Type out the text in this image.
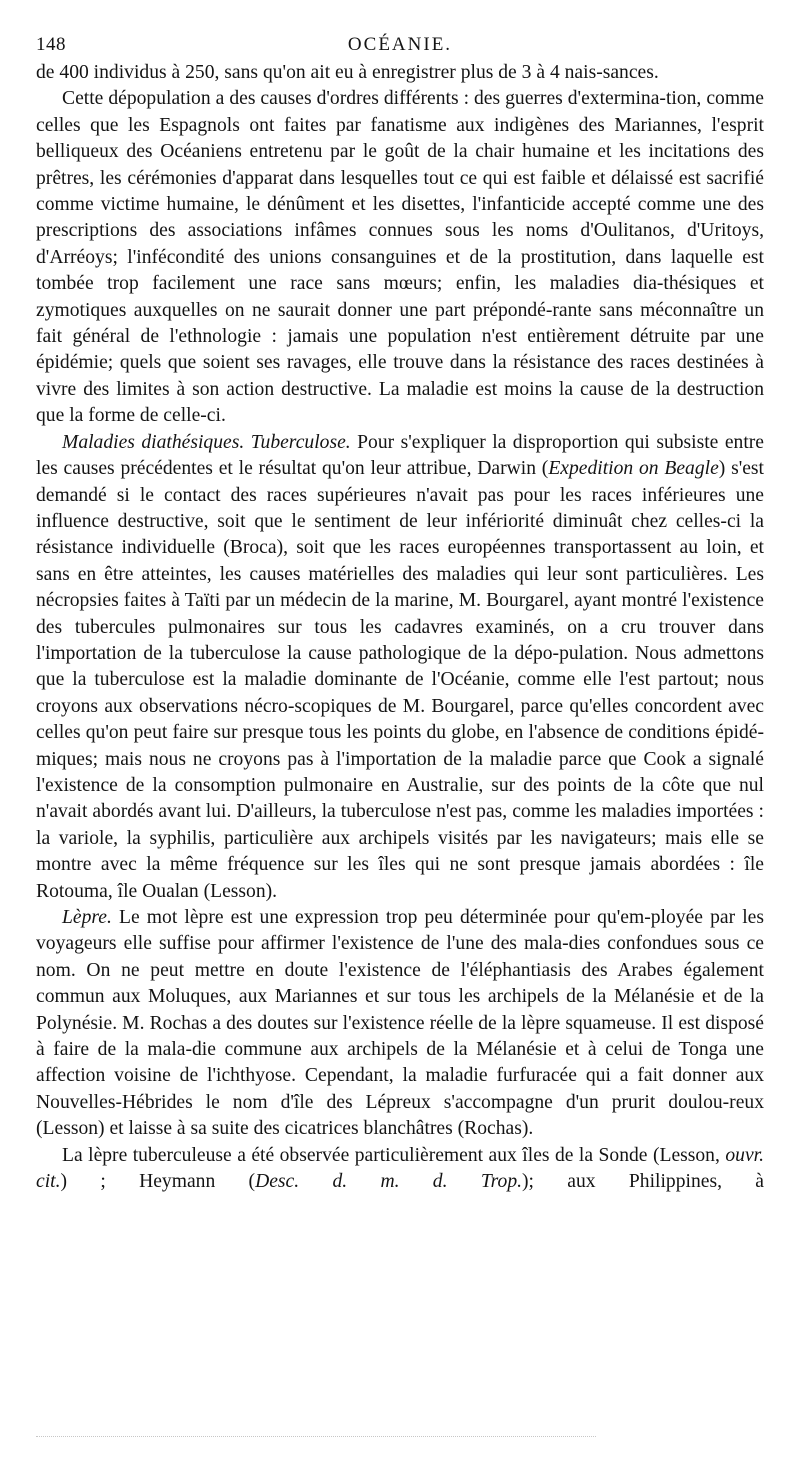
148	OCÉANIE.

de 400 individus à 250, sans qu'on ait eu à enregistrer plus de 3 à 4 nais-sances.

Cette dépopulation a des causes d'ordres différents : des guerres d'extermina-tion, comme celles que les Espagnols ont faites par fanatisme aux indigènes des Mariannes, l'esprit belliqueux des Océaniens entretenu par le goût de la chair humaine et les incitations des prêtres, les cérémonies d'apparat dans lesquelles tout ce qui est faible et délaissé est sacrifié comme victime humaine, le dénûment et les disettes, l'infanticide accepté comme une des prescriptions des associations infâmes connues sous les noms d'Oulitanos, d'Uritoys, d'Arréoys; l'infécondité des unions consanguines et de la prostitution, dans laquelle est tombée trop facilement une race sans mœurs; enfin, les maladies dia-thésiques et zymotiques auxquelles on ne saurait donner une part prépondé-rante sans méconnaître un fait général de l'ethnologie : jamais une population n'est entièrement détruite par une épidémie; quels que soient ses ravages, elle trouve dans la résistance des races destinées à vivre des limites à son action destructive. La maladie est moins la cause de la destruction que la forme de celle-ci.

Maladies diathésiques. Tuberculose. Pour s'expliquer la disproportion qui subsiste entre les causes précédentes et le résultat qu'on leur attribue, Darwin (Expedition on Beagle) s'est demandé si le contact des races supérieures n'avait pas pour les races inférieures une influence destructive, soit que le sentiment de leur infériorité diminuât chez celles-ci la résistance individuelle (Broca), soit que les races européennes transportassent au loin, et sans en être atteintes, les causes matérielles des maladies qui leur sont particulières. Les nécropsies faites à Taïti par un médecin de la marine, M. Bourgarel, ayant montré l'existence des tubercules pulmonaires sur tous les cadavres examinés, on a cru trouver dans l'importation de la tuberculose la cause pathologique de la dépo-pulation. Nous admettons que la tuberculose est la maladie dominante de l'Océanie, comme elle l'est partout; nous croyons aux observations nécro-scopiques de M. Bourgarel, parce qu'elles concordent avec celles qu'on peut faire sur presque tous les points du globe, en l'absence de conditions épidé-miques; mais nous ne croyons pas à l'importation de la maladie parce que Cook a signalé l'existence de la consomption pulmonaire en Australie, sur des points de la côte que nul n'avait abordés avant lui. D'ailleurs, la tuberculose n'est pas, comme les maladies importées : la variole, la syphilis, particulière aux archipels visités par les navigateurs; mais elle se montre avec la même fréquence sur les îles qui ne sont presque jamais abordées : île Rotouma, île Oualan (Lesson).

Lèpre. Le mot lèpre est une expression trop peu déterminée pour qu'em-ployée par les voyageurs elle suffise pour affirmer l'existence de l'une des mala-dies confondues sous ce nom. On ne peut mettre en doute l'existence de l'éléphantiasis des Arabes également commun aux Moluques, aux Mariannes et sur tous les archipels de la Mélanésie et de la Polynésie. M. Rochas a des doutes sur l'existence réelle de la lèpre squameuse. Il est disposé à faire de la mala-die commune aux archipels de la Mélanésie et à celui de Tonga une affection voisine de l'ichthyose. Cependant, la maladie furfuracée qui a fait donner aux Nouvelles-Hébrides le nom d'île des Lépreux s'accompagne d'un prurit doulou-reux (Lesson) et laisse à sa suite des cicatrices blanchâtres (Rochas).

La lèpre tuberculeuse a été observée particulièrement aux îles de la Sonde (Lesson, ouvr. cit.) ; Heymann (Desc. d. m. d. Trop.); aux Philippines, à
